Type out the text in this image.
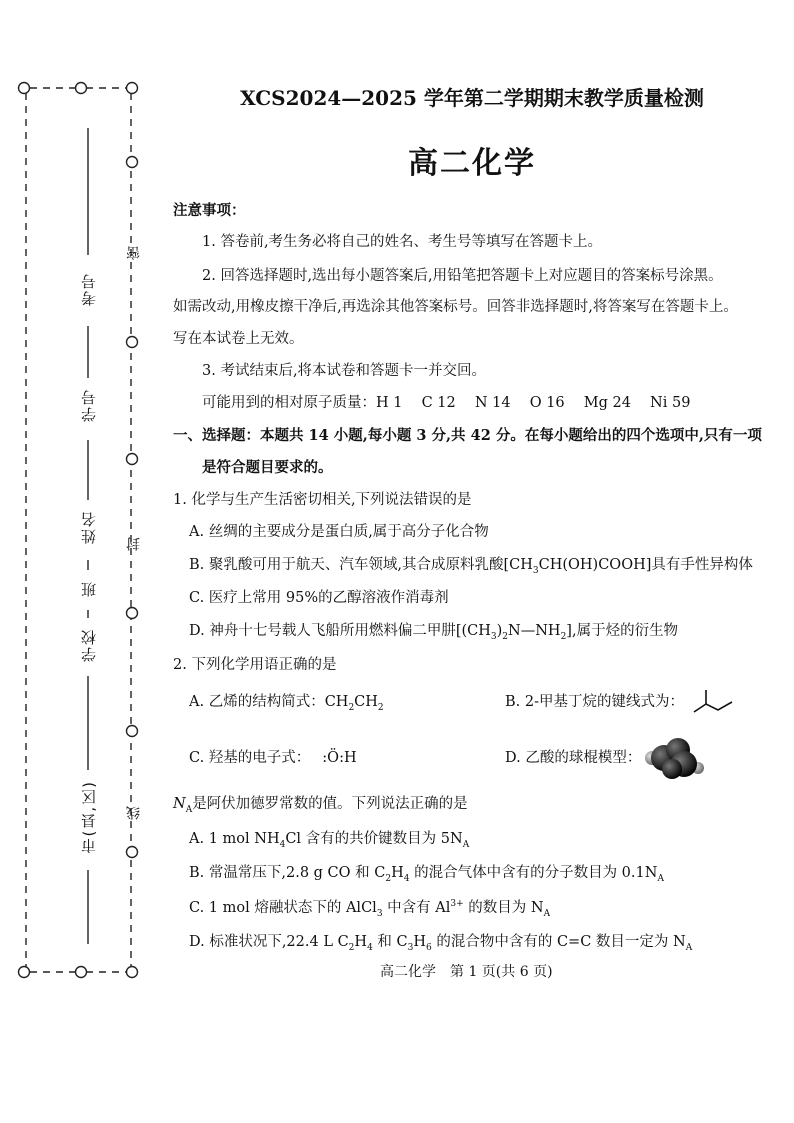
考号
学号
姓名
班
学校
市(县,区)
密
封
线
XCS2024—2025 学年第二学期期末教学质量检测
高二化学
注意事项：
1. 答卷前,考生务必将自己的姓名、考生号等填写在答题卡上。
2. 回答选择题时,选出每小题答案后,用铅笔把答题卡上对应题目的答案标号涂黑。
如需改动,用橡皮擦干净后,再选涂其他答案标号。回答非选择题时,将答案写在答题卡上。
写在本试卷上无效。
3. 考试结束后,将本试卷和答题卡一并交回。
可能用到的相对原子质量：H 1　 C 12　 N 14　 O 16　 Mg 24　 Ni 59
一、选择题：本题共 14 小题,每小题 3 分,共 42 分。在每小题给出的四个选项中,只有一项
是符合题目要求的。
1. 化学与生产生活密切相关,下列说法错误的是
A. 丝绸的主要成分是蛋白质,属于高分子化合物
B. 聚乳酸可用于航天、汽车领域,其合成原料乳酸$[CH_3CH(OH)COOH]$具有手性异构体
C. 医疗上常用 95%的乙醇溶液作消毒剂
D. 神舟十七号载人飞船所用燃料偏二甲肼$[(CH_3)_2N—NH_2]$,属于烃的衍生物
2. 下列化学用语正确的是
A. 乙烯的结构简式：$CH_2CH_2$	B. 2-甲基丁烷的键线式为：
C. 羟基的电子式： :Ö:H	D. 乙酸的球棍模型：
$N_A$是阿伏加德罗常数的值。下列说法正确的是
A. 1 mol $NH_4Cl$ 含有的共价键数目为 $5N_A$
B. 常温常压下,2.8 g CO 和 $C_2H_4$ 的混合气体中含有的分子数目为 $0.1N_A$
C. 1 mol 熔融状态下的 AlCl$_3$ 中含有 $Al^{3+}$ 的数目为 $N_A$
D. 标准状况下,22.4 L $C_2H_4$ 和 $C_3H_6$ 的混合物中含有的 C=C 数目一定为 $N_A$
高二化学　第 1 页(共 6 页)
